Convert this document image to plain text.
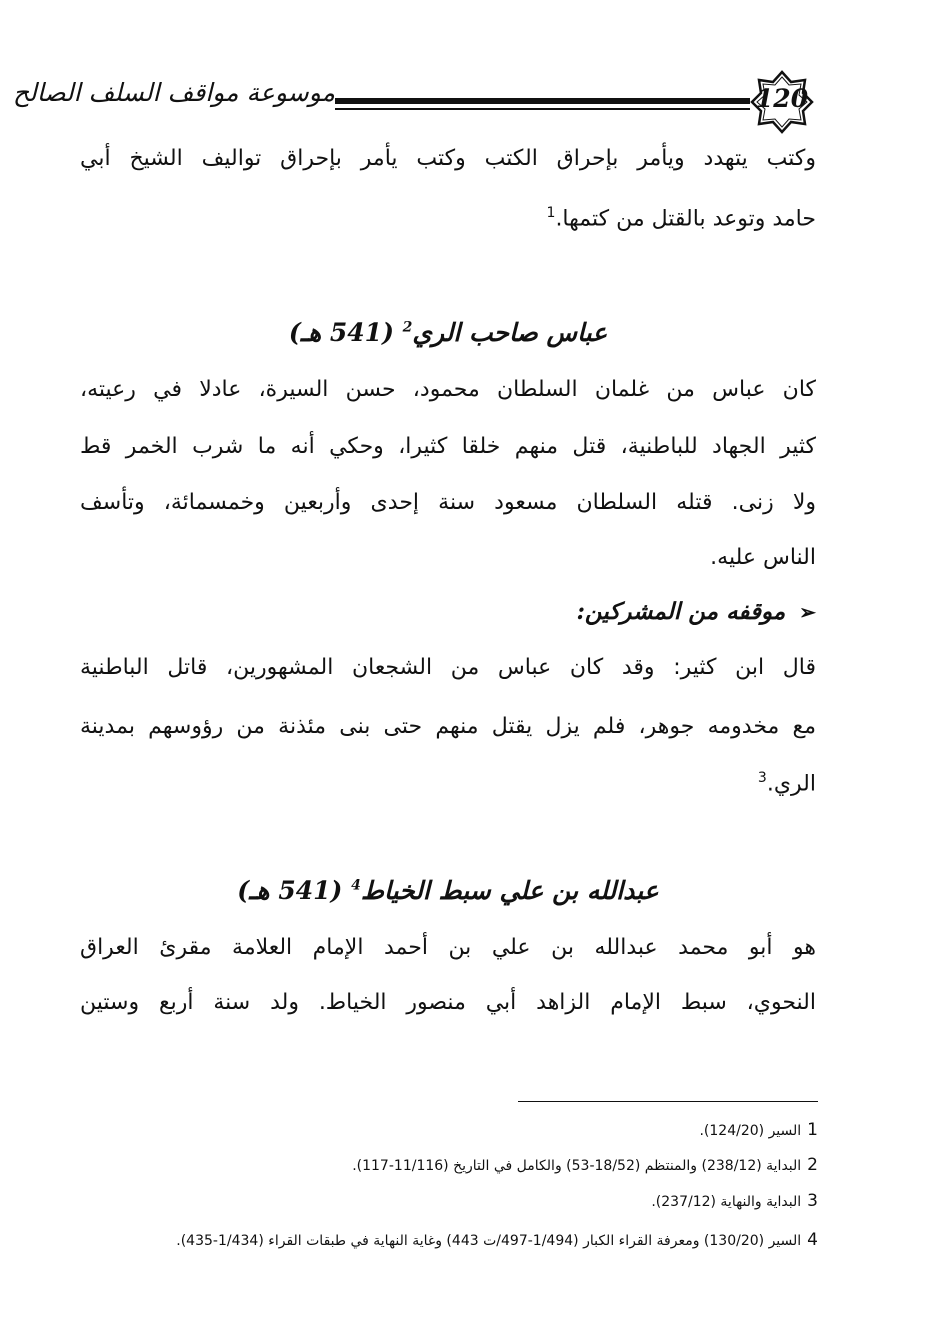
موسوعة مواقف السلف الصالح	120
وكتب يتهدد ويأمر بإحراق الكتب وكتب يأمر بإحراق تواليف الشيخ أبي
حامد وتوعد بالقتل من كتمها.$^1$
عباس صاحب الري$^2$ (541 هـ)
كان عباس من غلمان السلطان محمود، حسن السيرة، عادلا في رعيته،
كثير الجهاد للباطنية، قتل منهم خلقا كثيرا، وحكي أنه ما شرب الخمر قط
ولا زنى. قتله السلطان مسعود سنة إحدى وأربعين وخمسمائة، وتأسف
الناس عليه.
➢موقفه من المشركين:
قال ابن كثير: وقد كان عباس من الشجعان المشهورين، قاتل الباطنية
مع مخدومه جوهر، فلم يزل يقتل منهم حتى بنى مئذنة من رؤوسهم بمدينة
الري.$^3$
عبدالله بن علي سبط الخياط$^4$ (541 هـ)
هو أبو محمد عبدالله بن علي بن أحمد الإمام العلامة مقرئ العراق
النحوي، سبط الإمام الزاهد أبي منصور الخياط. ولد سنة أربع وستين
1السير (124/20).
2البداية (238/12) والمنتظم (18/52-53) والكامل في التاريخ (11/116-117).
3البداية والنهاية (237/12).
4السير (130/20) ومعرفة القراء الكبار (1/494-497/ت 443) وغاية النهاية في طبقات القراء (1/434-435).
